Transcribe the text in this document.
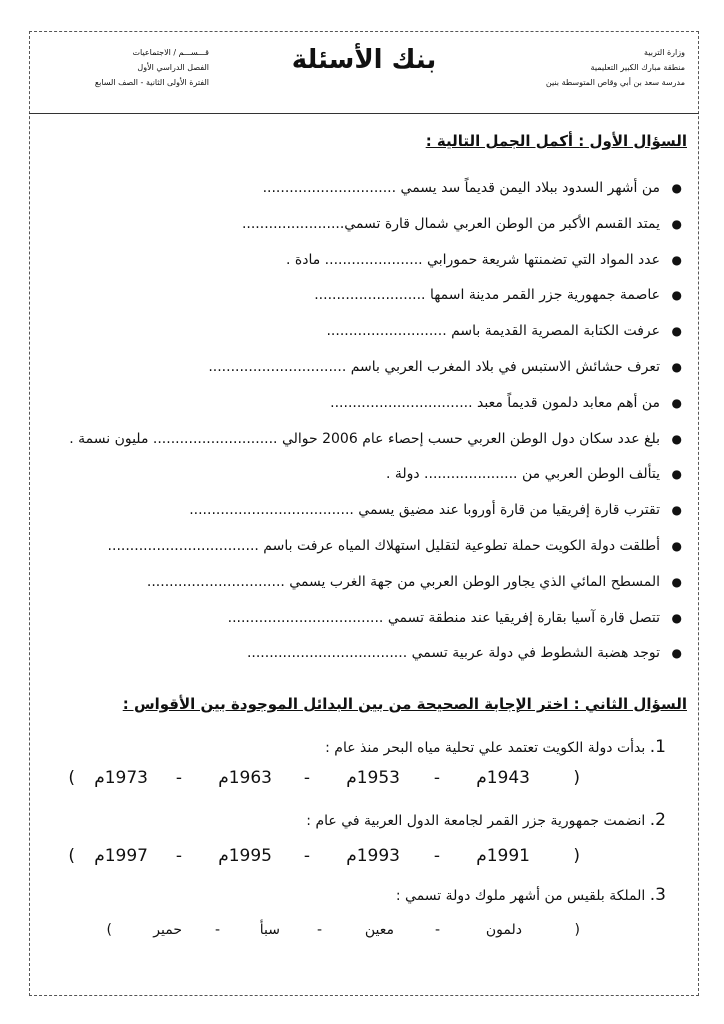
وزارة التربية
منطقة مبارك الكبير التعليمية
مدرسة سعد بن أبي وقاص المتوسطة بنين
بنك الأسئلة
قـــســـم / الاجتماعيات
الفصل الدراسي الأول
الفترة الأولى الثانية - الصف السابع
السؤال الأول : أكمل الجمل التالية :
●
من أشهر السدود ببلاد اليمن قديماً سد يسمي ..............................
●
يمتد القسم الأكبر من الوطن العربي شمال قارة تسمي.......................
●
عدد المواد التي تضمنتها شريعة حمورابي ...................... مادة .
●
عاصمة جمهورية جزر القمر مدينة اسمها .........................
●
عرفت الكتابة المصرية القديمة باسم ...........................
●
تعرف حشائش الاستبس في بلاد المغرب العربي باسم ...............................
●
من أهم معابد دلمون قديماً معبد ................................
●
بلغ عدد سكان دول الوطن العربي حسب إحصاء عام 2006 حوالي ............................ مليون نسمة .
●
يتألف الوطن العربي من ..................... دولة .
●
تقترب قارة إفريقيا من قارة أوروبا عند مضيق يسمي .....................................
●
أطلقت دولة الكويت حملة تطوعية لتقليل استهلاك المياه عرفت باسم ..................................
●
المسطح المائي الذي يجاور الوطن العربي من جهة الغرب يسمي ...............................
●
تتصل قارة آسيا بقارة إفريقيا عند منطقة تسمي ...................................
●
توجد هضبة الشطوط في دولة عربية تسمي ....................................
السؤال الثاني : اختر الإجابة الصحيحة من بين البدائل الموجودة بين الأقواس :
1. بدأت دولة الكويت تعتمد علي تحلية مياه البحر منذ عام :
(
1943م
-
1953م
-
1963م
-
1973م
)
2. انضمت جمهورية جزر القمر لجامعة الدول العربية في عام :
(
1991م
-
1993م
-
1995م
-
1997م
)
3. الملكة بلقيس من أشهر ملوك دولة تسمي :
(
دلمون
-
معين
-
سبأ
-
حمير
)
